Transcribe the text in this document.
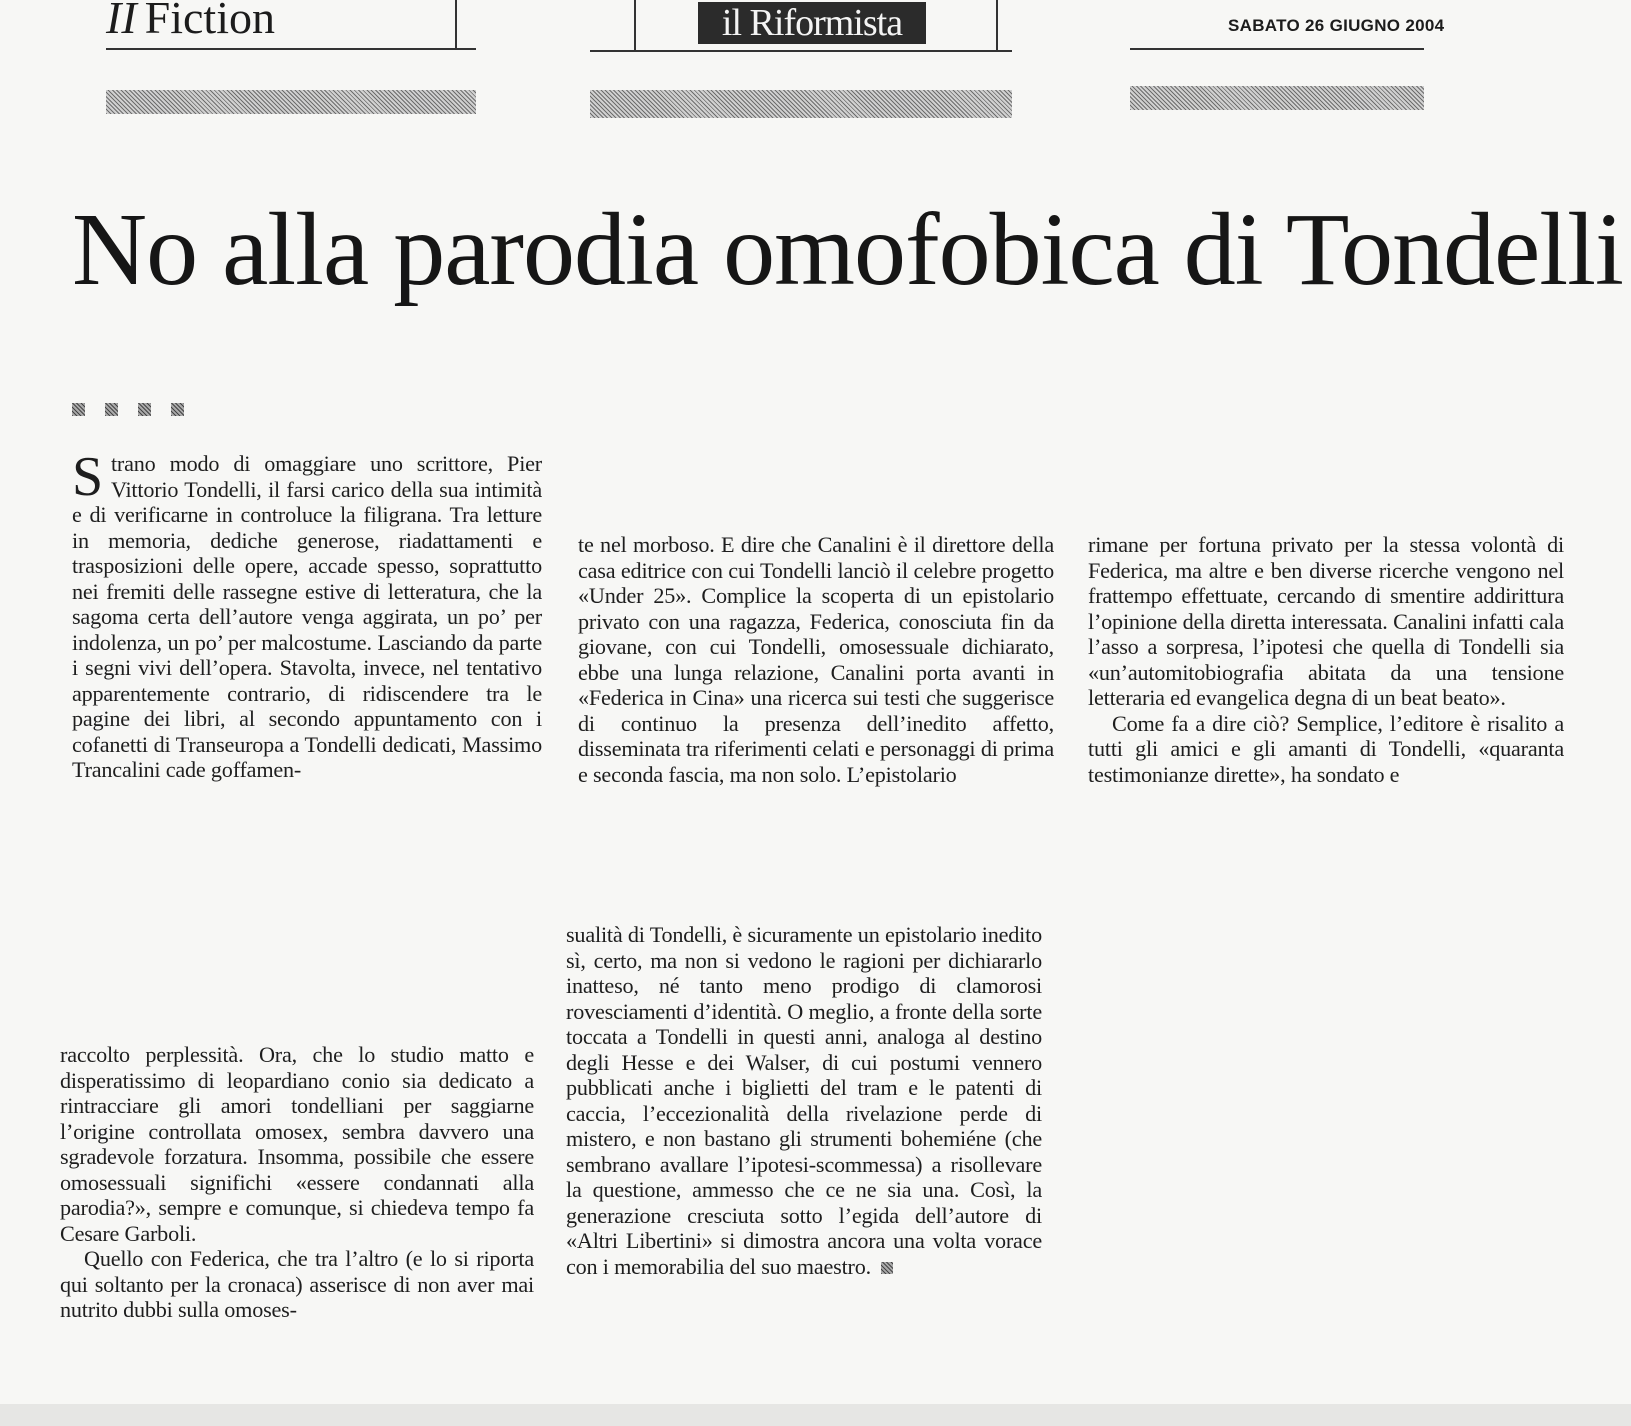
II Fiction	il Riformista	SABATO 26 GIUGNO 2004
No alla parodia omofobica di Tondelli

Strano modo di omaggiare uno scrittore, Pier Vittorio Tondelli, il farsi carico della sua intimità e di verificarne in controluce la filigrana. Tra letture in memoria, dediche generose, riadattamenti e trasposizioni delle opere, accade spesso, soprattutto nei fremiti delle rassegne estive di letteratura, che la sagoma certa dell’autore venga aggirata, un po’ per indolenza, un po’ per malcostume. Lasciando da parte i segni vivi dell’opera. Stavolta, invece, nel tentativo apparentemente contrario, di ridiscendere tra le pagine dei libri, al secondo appuntamento con i cofanetti di Transeuropa a Tondelli dedicati, Massimo Trancalini cade goffamen-

te nel morboso. E dire che Canalini è il direttore della casa editrice con cui Tondelli lanciò il celebre progetto «Under 25». Complice la scoperta di un epistolario privato con una ragazza, Federica, conosciuta fin da giovane, con cui Tondelli, omosessuale dichiarato, ebbe una lunga relazione, Canalini porta avanti in «Federica in Cina» una ricerca sui testi che suggerisce di continuo la presenza dell’inedito affetto, disseminata tra riferimenti celati e personaggi di prima e seconda fascia, ma non solo. L’epistolario

rimane per fortuna privato per la stessa volontà di Federica, ma altre e ben diverse ricerche vengono nel frattempo effettuate, cercando di smentire addirittura l’opinione della diretta interessata. Canalini infatti cala l’asso a sorpresa, l’ipotesi che quella di Tondelli sia «un’automitobiografia abitata da una tensione letteraria ed evangelica degna di un beat beato».

Come fa a dire ciò? Semplice, l’editore è risalito a tutti gli amici e gli amanti di Tondelli, «quaranta testimonianze dirette», ha sondato e

raccolto perplessità. Ora, che lo studio matto e disperatissimo di leopardiano conio sia dedicato a rintracciare gli amori tondelliani per saggiarne l’origine controllata omosex, sembra davvero una sgradevole forzatura. Insomma, possibile che essere omosessuali significhi «essere condannati alla parodia?», sempre e comunque, si chiedeva tempo fa Cesare Garboli.

Quello con Federica, che tra l’altro (e lo si riporta qui soltanto per la cronaca) asserisce di non aver mai nutrito dubbi sulla omoses-

sualità di Tondelli, è sicuramente un epistolario inedito sì, certo, ma non si vedono le ragioni per dichiararlo inatteso, né tanto meno prodigo di clamorosi rovesciamenti d’identità. O meglio, a fronte della sorte toccata a Tondelli in questi anni, analoga al destino degli Hesse e dei Walser, di cui postumi vennero pubblicati anche i biglietti del tram e le patenti di caccia, l’eccezionalità della rivelazione perde di mistero, e non bastano gli strumenti bohemiéne (che sembrano avallare l’ipotesi-scommessa) a risollevare la questione, ammesso che ce ne sia una. Così, la generazione cresciuta sotto l’egida dell’autore di «Altri Libertini» si dimostra ancora una volta vorace con i memorabilia del suo maestro.
